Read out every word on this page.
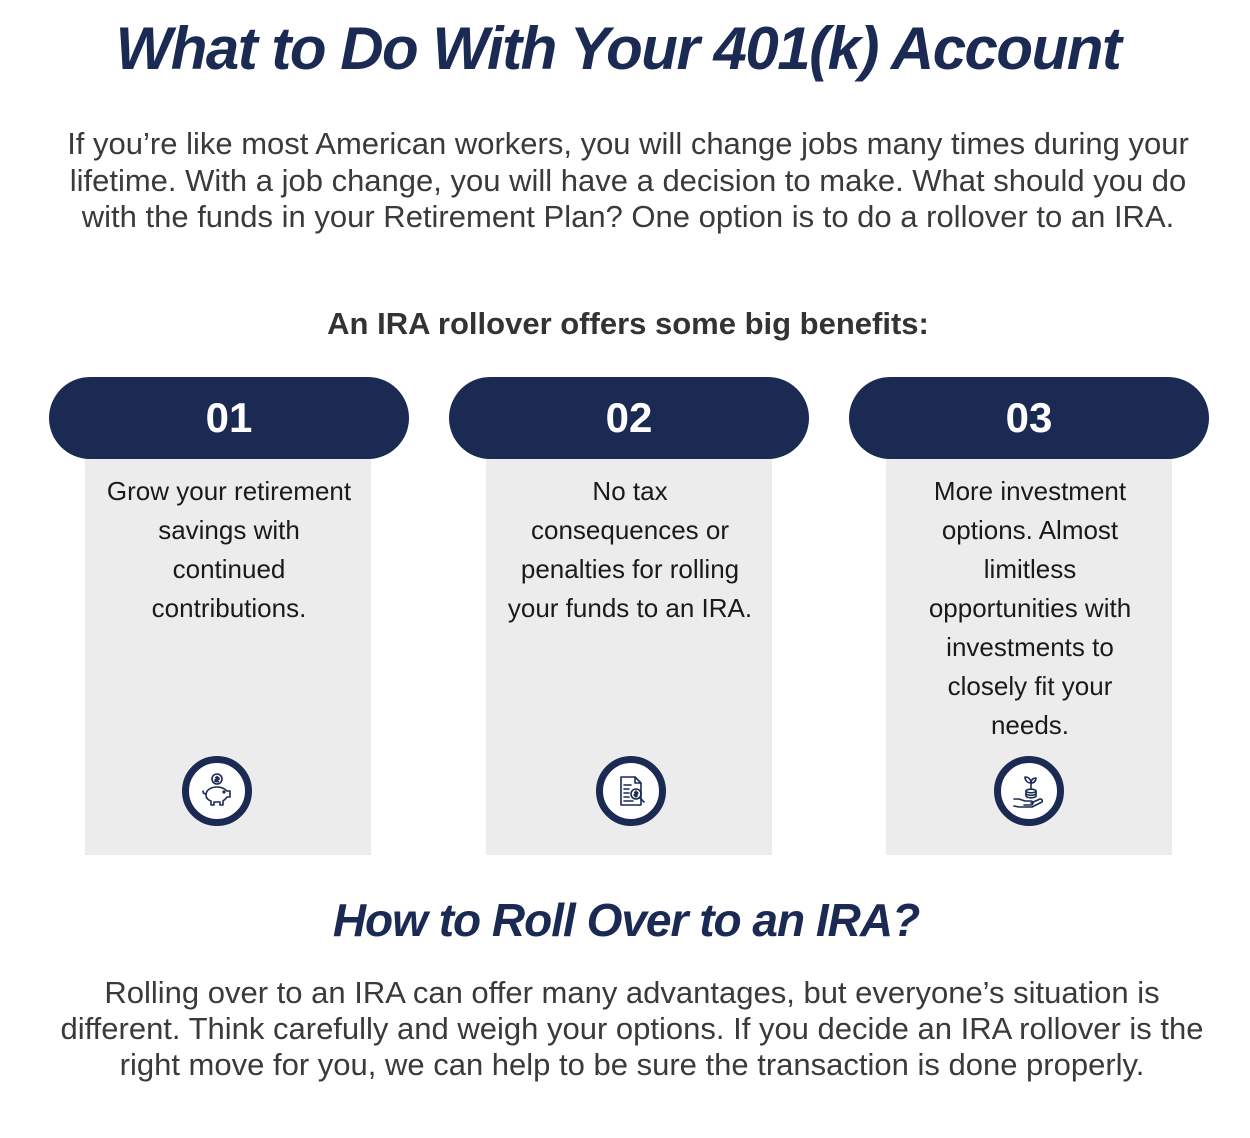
What to Do With Your 401(k) Account

If you’re like most American workers, you will change jobs many times during your lifetime. With a job change, you will have a decision to make. What should you do with the funds in your Retirement Plan? One option is to do a rollover to an IRA.

An IRA rollover offers some big benefits:
01

Grow your retirement savings with continued contributions.

02

No tax consequences or penalties for rolling your funds to an IRA.

03

More investment options. Almost limitless opportunities with investments to closely fit your needs.

How to Roll Over to an IRA?

Rolling over to an IRA can offer many advantages, but everyone’s situation is different. Think carefully and weigh your options. If you decide an IRA rollover is the right move for you, we can help to be sure the transaction is done properly.
